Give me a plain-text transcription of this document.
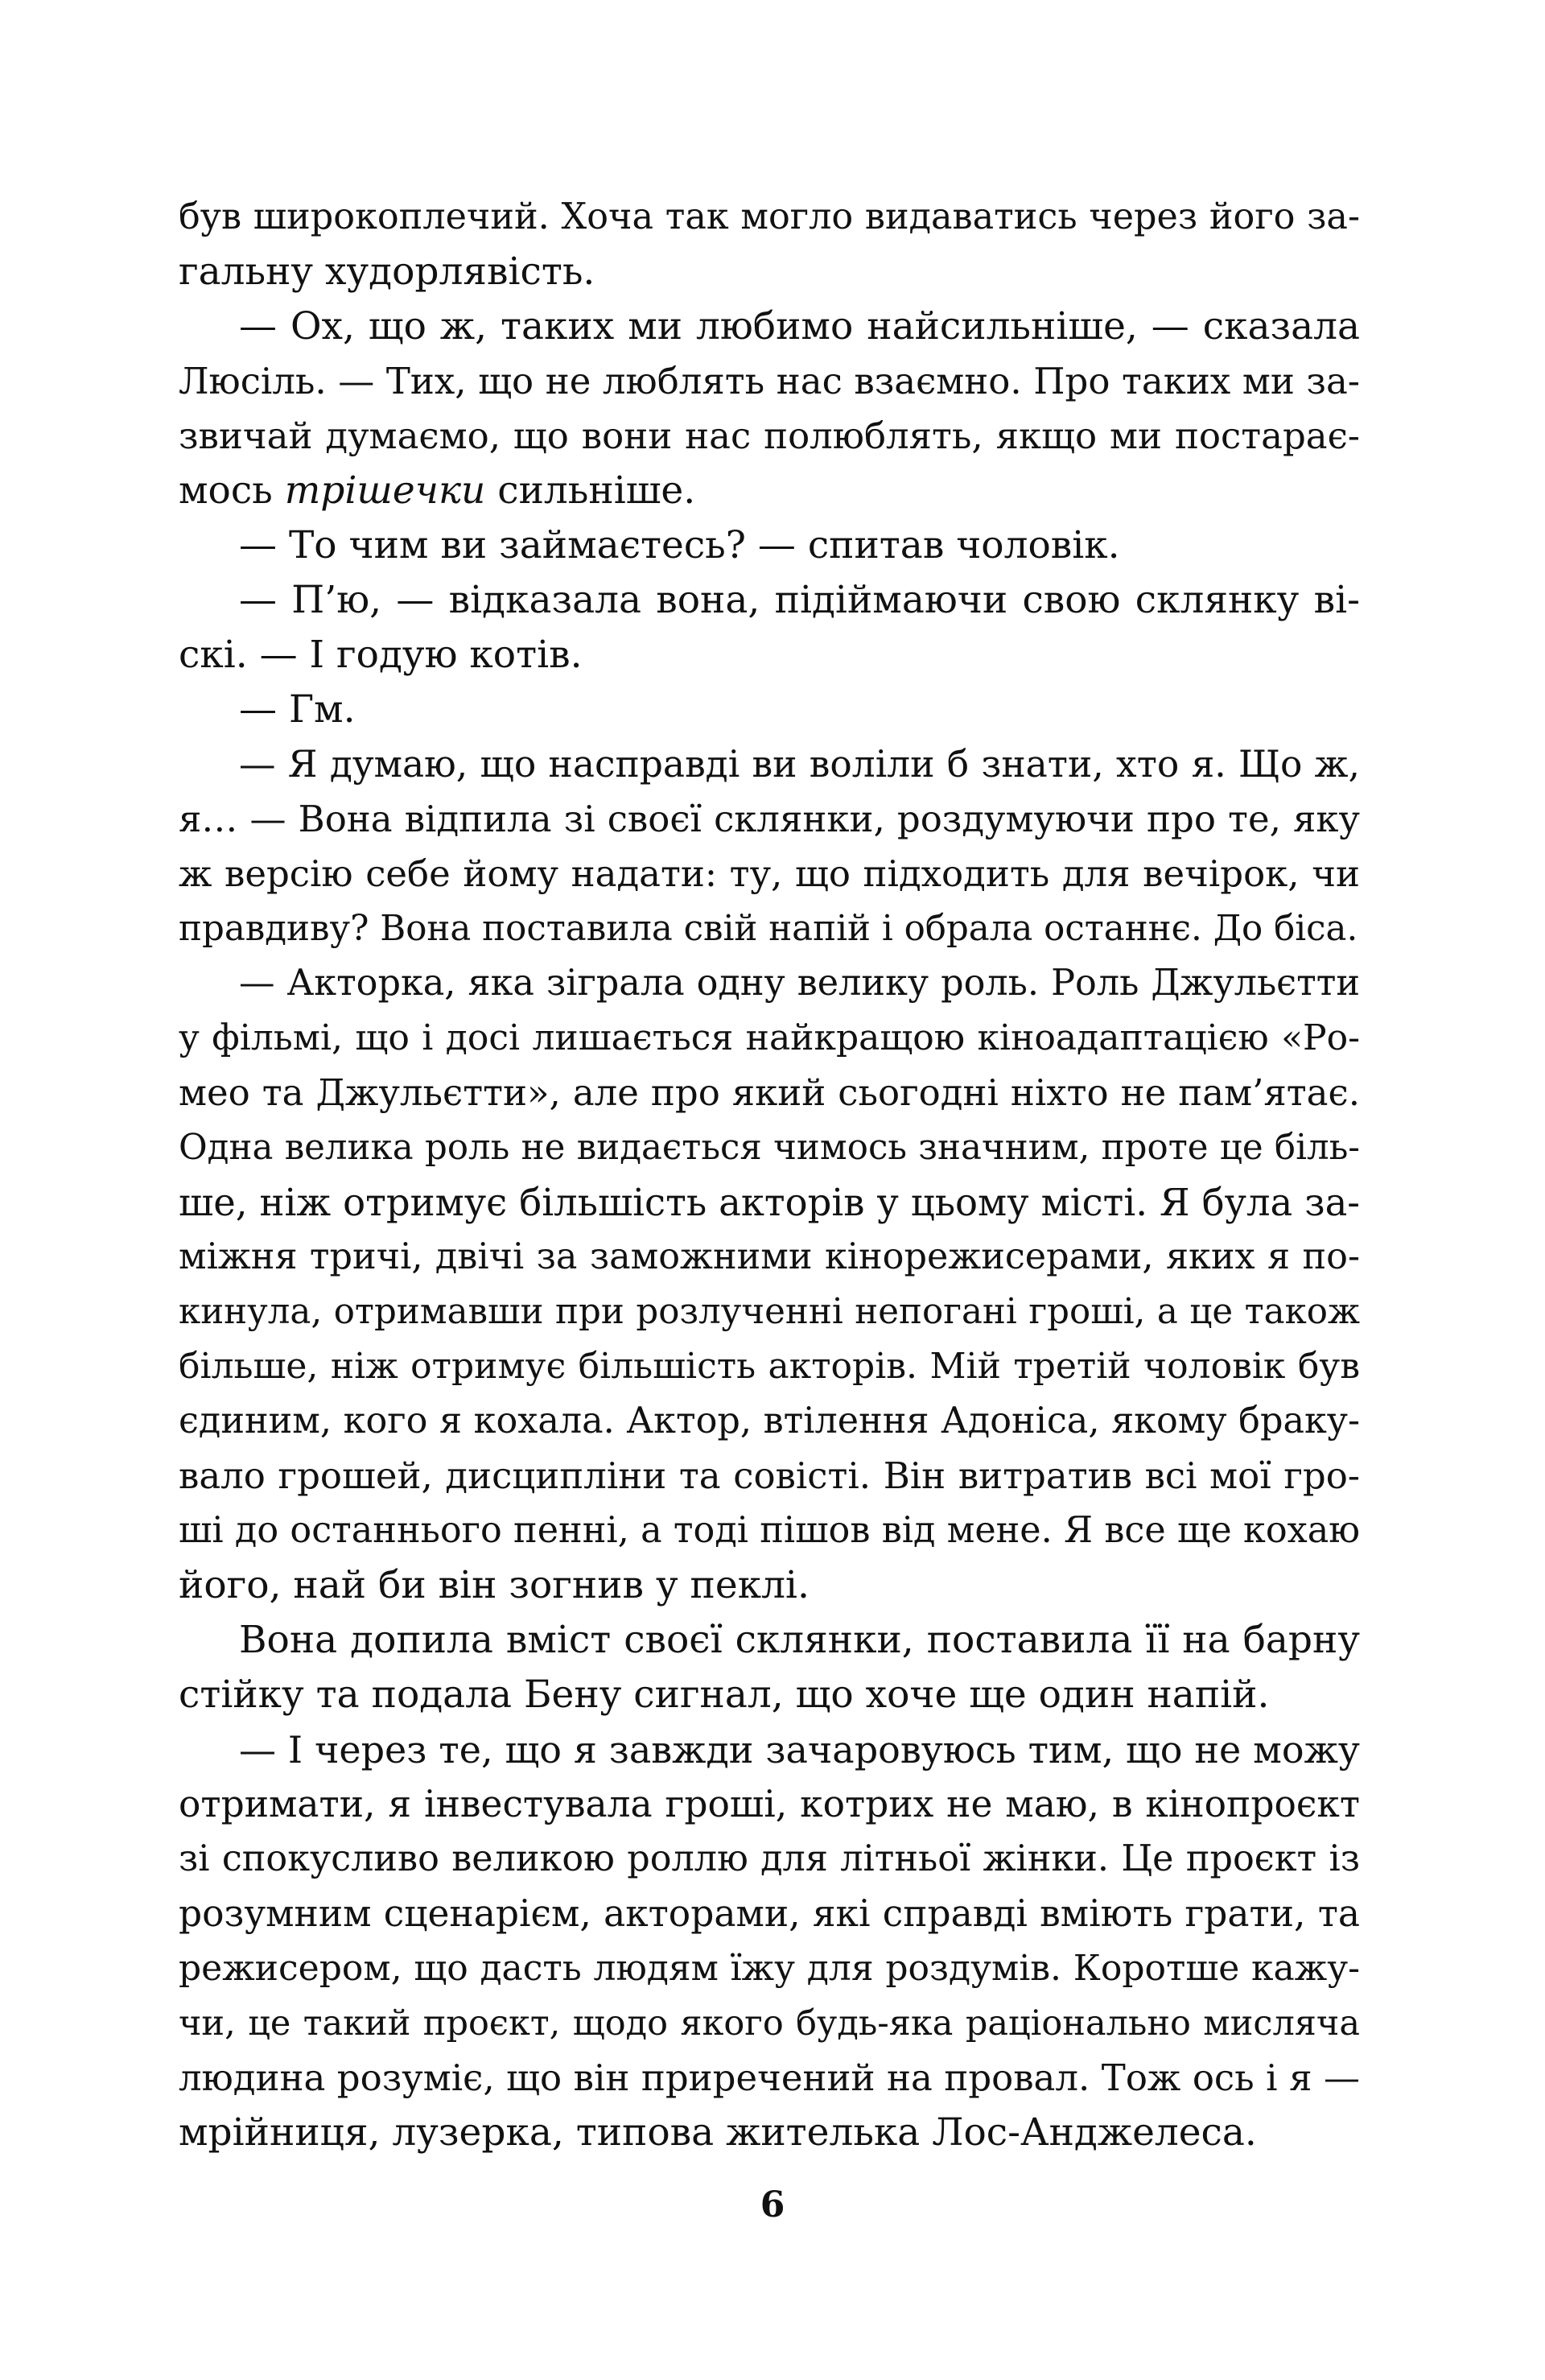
був широкоплечий. Хоча так могло видаватись через його за-
гальну худорлявість.
— Ох, що ж, таких ми любимо найсильніше, — сказала
Люсіль. — Тих, що не люблять нас взаємно. Про таких ми за-
звичай думаємо, що вони нас полюблять, якщо ми постарає-
мось трішечки сильніше.
— То чим ви займаєтесь? — спитав чоловік.
— П’ю, — відказала вона, підіймаючи свою склянку ві-
скі. — І годую котів.
— Гм.
— Я думаю, що насправді ви воліли б знати, хто я. Що ж,
я… — Вона відпила зі своєї склянки, роздумуючи про те, яку
ж версію себе йому надати: ту, що підходить для вечірок, чи
правдиву? Вона поставила свій напій і обрала останнє. До біса.
— Акторка, яка зіграла одну велику роль. Роль Джульєтти
у фільмі, що і досі лишається найкращою кіноадаптацією «Ро-
мео та Джульєтти», але про який сьогодні ніхто не пам’ятає.
Одна велика роль не видається чимось значним, проте це біль-
ше, ніж отримує більшість акторів у цьому місті. Я була за-
міжня тричі, двічі за заможними кінорежисерами, яких я по-
кинула, отримавши при розлученні непогані гроші, а це також
більше, ніж отримує більшість акторів. Мій третій чоловік був
єдиним, кого я кохала. Актор, втілення Адоніса, якому браку-
вало грошей, дисципліни та совісті. Він витратив всі мої гро-
ші до останнього пенні, а тоді пішов від мене. Я все ще кохаю
його, най би він зогнив у пеклі.
Вона допила вміст своєї склянки, поставила її на барну
стійку та подала Бену сигнал, що хоче ще один напій.
— І через те, що я завжди зачаровуюсь тим, що не можу
отримати, я інвестувала гроші, котрих не маю, в кінопроєкт
зі спокусливо великою роллю для літньої жінки. Це проєкт із
розумним сценарієм, акторами, які справді вміють грати, та
режисером, що дасть людям їжу для роздумів. Коротше кажу-
чи, це такий проєкт, щодо якого будь-яка раціонально мисляча
людина розуміє, що він приречений на провал. Тож ось і я —
мрійниця, лузерка, типова жителька Лос-Анджелеса.
6
